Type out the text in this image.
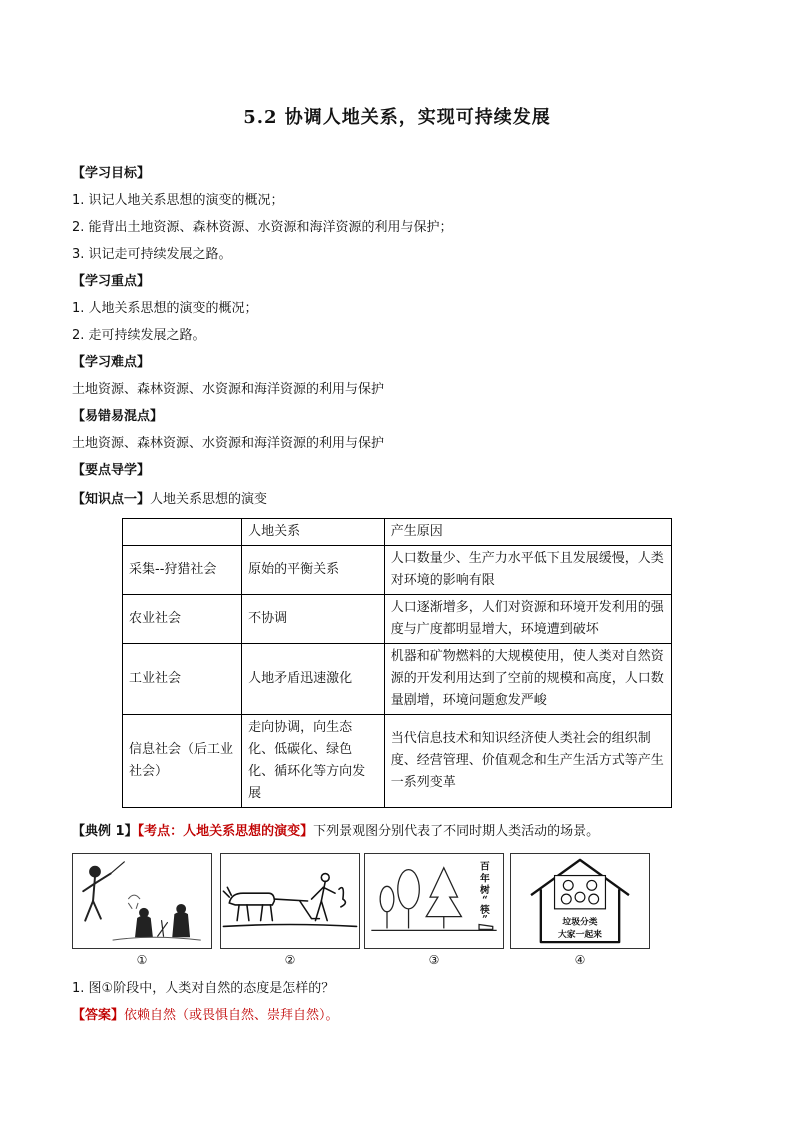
5.2 协调人地关系，实现可持续发展
【学习目标】
1. 识记人地关系思想的演变的概况；
2. 能背出土地资源、森林资源、水资源和海洋资源的利用与保护；
3. 识记走可持续发展之路。
【学习重点】
1. 人地关系思想的演变的概况；
2. 走可持续发展之路。
【学习难点】
土地资源、森林资源、水资源和海洋资源的利用与保护
【易错易混点】
土地资源、森林资源、水资源和海洋资源的利用与保护
【要点导学】
【知识点一】人地关系思想的演变
	人地关系	产生原因
采集--狩猎社会	原始的平衡关系	人口数量少、生产力水平低下且发展缓慢，人类对环境的影响有限
农业社会	不协调	人口逐渐增多，人们对资源和环境开发利用的强度与广度都明显增大，环境遭到破坏
工业社会	人地矛盾迅速激化	机器和矿物燃料的大规模使用，使人类对自然资源的开发利用达到了空前的规模和高度，人口数量剧增，环境问题愈发严峻
信息社会（后工业社会）	走向协调，向生态化、低碳化、绿色化、循环化等方向发展	当代信息技术和知识经济使人类社会的组织制度、经营管理、价值观念和生产生活方式等产生一系列变革
【典例 1】【考点：人地关系思想的演变】下列景观图分别代表了不同时期人类活动的场景。
①	②
百
年
树
“
筷
”
③
垃圾分类
大家一起来
④
1. 图①阶段中，人类对自然的态度是怎样的？
【答案】依赖自然（或畏惧自然、崇拜自然）。
